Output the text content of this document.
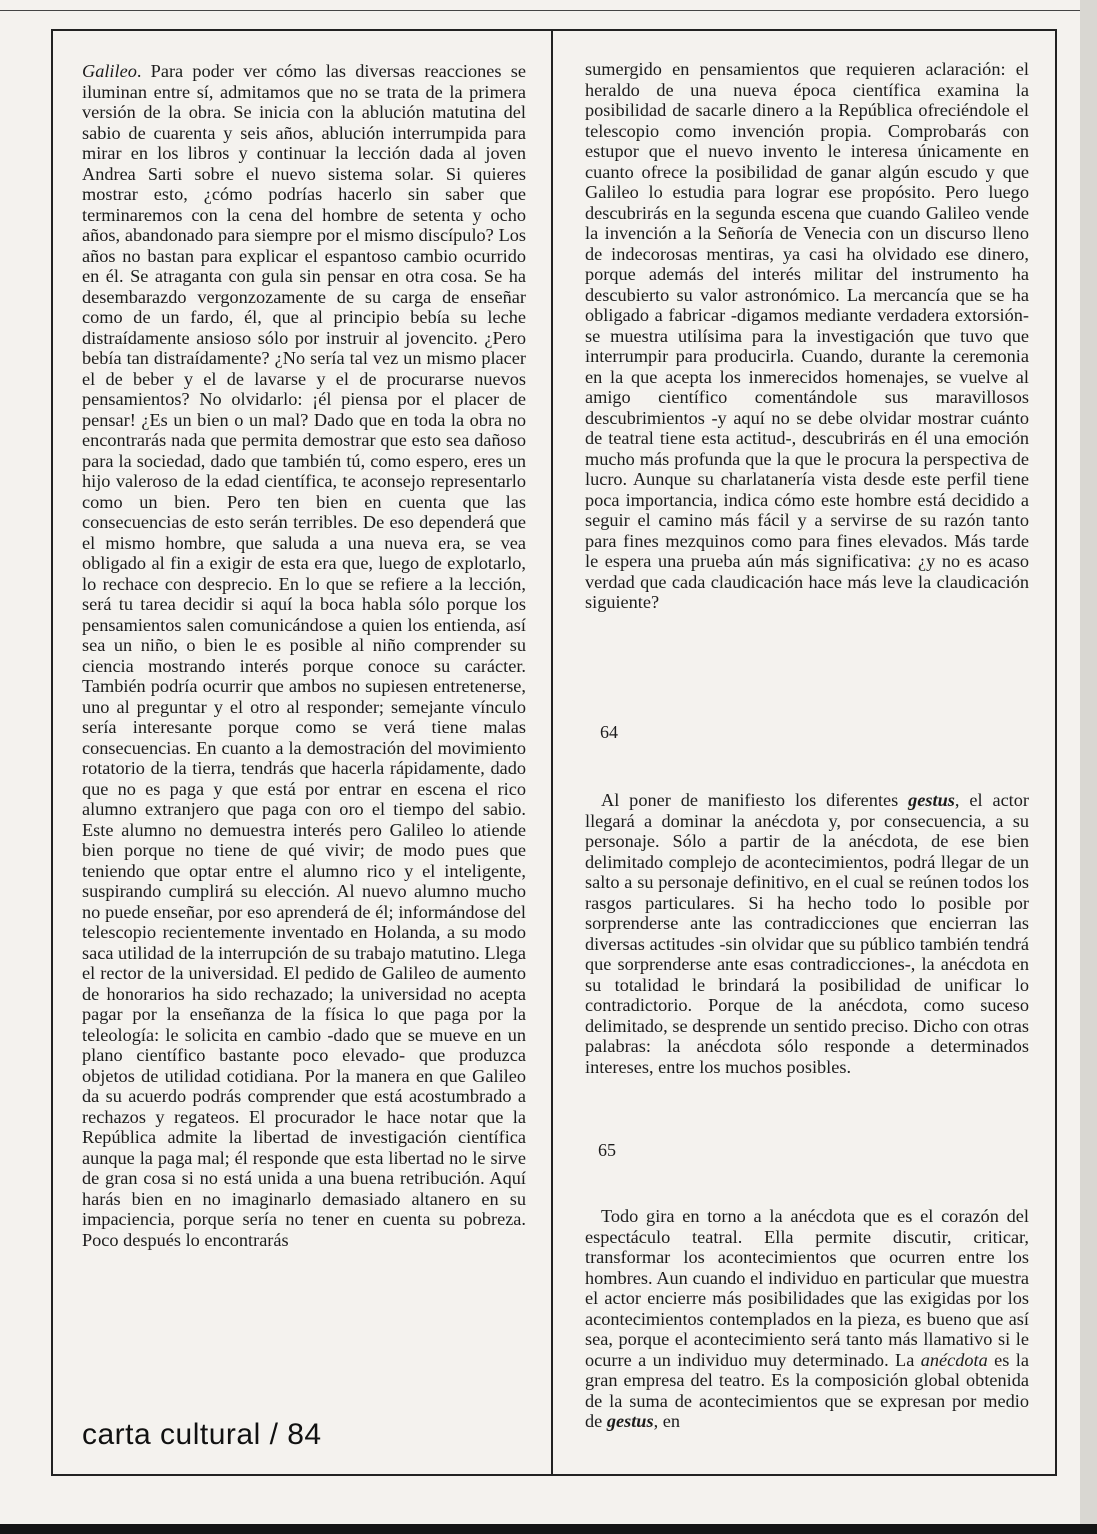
Galileo. Para poder ver cómo las diversas reacciones se iluminan entre sí, admitamos que no se trata de la primera versión de la obra. Se inicia con la ablución matutina del sabio de cuarenta y seis años, ablución interrumpida para mirar en los libros y continuar la lección dada al joven Andrea Sarti sobre el nuevo sistema solar. Si quieres mostrar esto, ¿cómo podrías hacerlo sin saber que terminaremos con la cena del hombre de setenta y ocho años, abandonado para siempre por el mismo discípulo? Los años no bastan para explicar el espantoso cambio ocurrido en él. Se atraganta con gula sin pensar en otra cosa. Se ha desembarazdo vergonzozamente de su carga de enseñar como de un fardo, él, que al principio bebía su leche distraídamente ansioso sólo por instruir al jovencito. ¿Pero bebía tan distraídamente? ¿No sería tal vez un mismo placer el de beber y el de lavarse y el de procurarse nuevos pensamientos? No olvidarlo: ¡él piensa por el placer de pensar! ¿Es un bien o un mal? Dado que en toda la obra no encontrarás nada que permita demostrar que esto sea dañoso para la sociedad, dado que también tú, como espero, eres un hijo valeroso de la edad científica, te aconsejo representarlo como un bien. Pero ten bien en cuenta que las consecuencias de esto serán terribles. De eso dependerá que el mismo hombre, que saluda a una nueva era, se vea obligado al fin a exigir de esta era que, luego de explotarlo, lo rechace con desprecio. En lo que se refiere a la lección, será tu tarea decidir si aquí la boca habla sólo porque los pensamientos salen comunicándose a quien los entienda, así sea un niño, o bien le es posible al niño comprender su ciencia mostrando interés porque conoce su carácter. También podría ocurrir que ambos no supiesen entretenerse, uno al preguntar y el otro al responder; semejante vínculo sería interesante porque como se verá tiene malas consecuencias. En cuanto a la demostración del movimiento rotatorio de la tierra, tendrás que hacerla rápidamente, dado que no es paga y que está por entrar en escena el rico alumno extranjero que paga con oro el tiempo del sabio. Este alumno no demuestra interés pero Galileo lo atiende bien porque no tiene de qué vivir; de modo pues que teniendo que optar entre el alumno rico y el inteligente, suspirando cumplirá su elección. Al nuevo alumno mucho no puede enseñar, por eso aprenderá de él; informándose del telescopio recientemente inventado en Holanda, a su modo saca utilidad de la interrupción de su trabajo matutino. Llega el rector de la universidad. El pedido de Galileo de aumento de honorarios ha sido rechazado; la universidad no acepta pagar por la enseñanza de la física lo que paga por la teleología: le solicita en cambio -dado que se mueve en un plano científico bastante poco elevado- que produzca objetos de utilidad cotidiana. Por la manera en que Galileo da su acuerdo podrás comprender que está acostumbrado a rechazos y regateos. El procurador le hace notar que la República admite la libertad de investigación científica aunque la paga mal; él responde que esta libertad no le sirve de gran cosa si no está unida a una buena retribución. Aquí harás bien en no imaginarlo demasiado altanero en su impaciencia, porque sería no tener en cuenta su pobreza. Poco después lo encontrarás

sumergido en pensamientos que requieren aclaración: el heraldo de una nueva época científica examina la posibilidad de sacarle dinero a la República ofreciéndole el telescopio como invención propia. Comprobarás con estupor que el nuevo invento le interesa únicamente en cuanto ofrece la posibilidad de ganar algún escudo y que Galileo lo estudia para lograr ese propósito. Pero luego descubrirás en la segunda escena que cuando Galileo vende la invención a la Señoría de Venecia con un discurso lleno de indecorosas mentiras, ya casi ha olvidado ese dinero, porque además del interés militar del instrumento ha descubierto su valor astronómico. La mercancía que se ha obligado a fabricar -digamos mediante verdadera extorsión- se muestra utilísima para la investigación que tuvo que interrumpir para producirla. Cuando, durante la ceremonia en la que acepta los inmerecidos homenajes, se vuelve al amigo científico comentándole sus maravillosos descubrimientos -y aquí no se debe olvidar mostrar cuánto de teatral tiene esta actitud-, descubrirás en él una emoción mucho más profunda que la que le procura la perspectiva de lucro. Aunque su charlatanería vista desde este perfil tiene poca importancia, indica cómo este hombre está decidido a seguir el camino más fácil y a servirse de su razón tanto para fines mezquinos como para fines elevados. Más tarde le espera una prueba aún más significativa: ¿y no es acaso verdad que cada claudicación hace más leve la claudicación siguiente?

64

Al poner de manifiesto los diferentes gestus, el actor llegará a dominar la anécdota y, por consecuencia, a su personaje. Sólo a partir de la anécdota, de ese bien delimitado complejo de acontecimientos, podrá llegar de un salto a su personaje definitivo, en el cual se reúnen todos los rasgos particulares. Si ha hecho todo lo posible por sorprenderse ante las contradicciones que encierran las diversas actitudes -sin olvidar que su público también tendrá que sorprenderse ante esas contradicciones-, la anécdota en su totalidad le brindará la posibilidad de unificar lo contradictorio. Porque de la anécdota, como suceso delimitado, se desprende un sentido preciso. Dicho con otras palabras: la anécdota sólo responde a determinados intereses, entre los muchos posibles.

65

Todo gira en torno a la anécdota que es el corazón del espectáculo teatral. Ella permite discutir, criticar, transformar los acontecimientos que ocurren entre los hombres. Aun cuando el individuo en particular que muestra el actor encierre más posibilidades que las exigidas por los acontecimientos contemplados en la pieza, es bueno que así sea, porque el acontecimiento será tanto más llamativo si le ocurre a un individuo muy determinado. La anécdota es la gran empresa del teatro. Es la composición global obtenida de la suma de acontecimientos que se expresan por medio de gestus, en

carta cultural / 84
